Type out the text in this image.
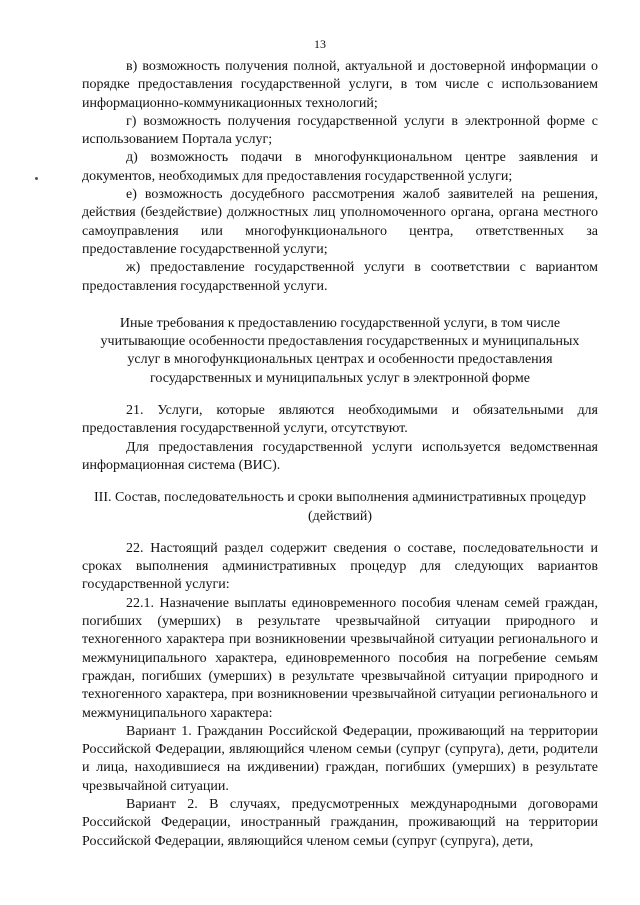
13

в) возможность получения полной, актуальной и достоверной информации о порядке предоставления государственной услуги, в том числе с использованием информационно-коммуникационных технологий;

г) возможность получения государственной услуги в электронной форме с использованием Портала услуг;

д) возможность подачи в многофункциональном центре заявления и документов, необходимых для предоставления государственной услуги;

е) возможность досудебного рассмотрения жалоб заявителей на решения, действия (бездействие) должностных лиц уполномоченного органа, органа местного самоуправления или многофункционального центра, ответственных за предоставление государственной услуги;

ж) предоставление государственной услуги в соответствии с вариантом предоставления государственной услуги.

Иные требования к предоставлению государственной услуги, в том числе учитывающие особенности предоставления государственных и муниципальных услуг в многофункциональных центрах и особенности предоставления государственных и муниципальных услуг в электронной форме

21. Услуги, которые являются необходимыми и обязательными для предоставления государственной услуги, отсутствуют.

Для предоставления государственной услуги используется ведомственная информационная система (ВИС).

III. Состав, последовательность и сроки выполнения административных процедур (действий)

22. Настоящий раздел содержит сведения о составе, последовательности и сроках выполнения административных процедур для следующих вариантов государственной услуги:

22.1. Назначение выплаты единовременного пособия членам семей граждан, погибших (умерших) в результате чрезвычайной ситуации природного и техногенного характера при возникновении чрезвычайной ситуации регионального и межмуниципального характера, единовременного пособия на погребение семьям граждан, погибших (умерших) в результате чрезвычайной ситуации природного и техногенного характера, при возникновении чрезвычайной ситуации регионального и межмуниципального характера:

Вариант 1. Гражданин Российской Федерации, проживающий на территории Российской Федерации, являющийся членом семьи (супруг (супруга), дети, родители и лица, находившиеся на иждивении) граждан, погибших (умерших) в результате чрезвычайной ситуации.

Вариант 2. В случаях, предусмотренных международными договорами Российской Федерации, иностранный гражданин, проживающий на территории Российской Федерации, являющийся членом семьи (супруг (супруга), дети,
